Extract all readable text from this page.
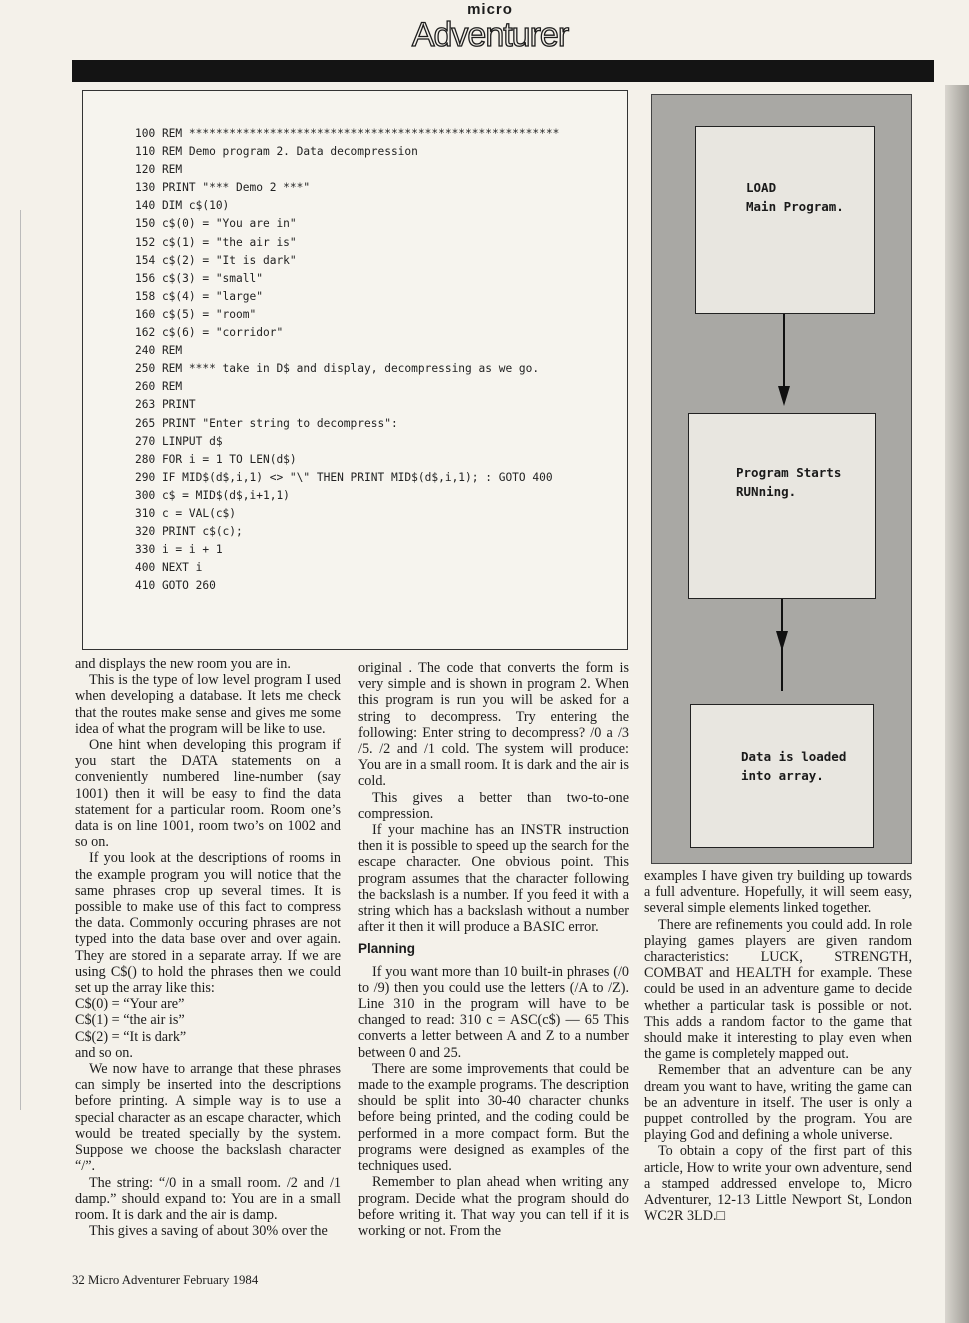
micro
Adventurer
100 REM *******************************************************
110 REM Demo program 2. Data decompression
120 REM
130 PRINT "*** Demo 2 ***"
140 DIM c$(10)
150 c$(0) = "You are in"
152 c$(1) = "the air is"
154 c$(2) = "It is dark"
156 c$(3) = "small"
158 c$(4) = "large"
160 c$(5) = "room"
162 c$(6) = "corridor"
240 REM
250 REM **** take in D$ and display, decompressing as we go.
260 REM
263 PRINT
265 PRINT "Enter string to decompress":
270 LINPUT d$
280 FOR i = 1 TO LEN(d$)
290 IF MID$(d$,i,1) <> "\" THEN PRINT MID$(d$,i,1); : GOTO 400
300 c$ = MID$(d$,i+1,1)
310 c = VAL(c$)
320 PRINT c$(c);
330 i = i + 1
400 NEXT i
410 GOTO 260
LOAD
Main Program.
Program Starts
RUNning.
Data is loaded
into array.

and displays the new room you are in.

This is the type of low level program I used when developing a database. It lets me check that the routes make sense and gives me some idea of what the program will be like to use.

One hint when developing this program if you start the DATA statements on a conveniently numbered line-number (say 1001) then it will be easy to find the data statement for a particular room. Room one’s data is on line 1001, room two’s on 1002 and so on.

If you look at the descriptions of rooms in the example program you will notice that the same phrases crop up several times. It is possible to make use of this fact to compress the data. Commonly occuring phrases are not typed into the data base over and over again. They are stored in a separate array. If we are using C$() to hold the phrases then we could set up the array like this:

C$(0) = “Your are”

C$(1) = “the air is”

C$(2) = “It is dark”

and so on.

We now have to arrange that these phrases can simply be inserted into the descriptions before printing. A simple way is to use a special character as an escape character, which would be treated specially by the system. Suppose we choose the backslash character “/”.

The string: “/0 in a small room. /2 and /1 damp.” should expand to: You are in a small room. It is dark and the air is damp.

This gives a saving of about 30% over the

original . The code that converts the form is very simple and is shown in program 2. When this program is run you will be asked for a string to decompress. Try entering the following: Enter string to decompress? /0 a /3 /5. /2 and /1 cold. The system will produce: You are in a small room. It is dark and the air is cold.

This gives a better than two-to-one compression.

If your machine has an INSTR instruction then it is possible to speed up the search for the escape character. One obvious point. This program assumes that the character following the backslash is a number. If you feed it with a string which has a backslash without a number after it then it will produce a BASIC error.

Planning

If you want more than 10 built-in phrases (/0 to /9) then you could use the letters (/A to /Z). Line 310 in the program will have to be changed to read: 310 c = ASC(c$) — 65 This converts a letter between A and Z to a number between 0 and 25.

There are some improvements that could be made to the example programs. The description should be split into 30-40 character chunks before being printed, and the coding could be performed in a more compact form. But the programs were designed as examples of the techniques used.

Remember to plan ahead when writing any program. Decide what the program should do before writing it. That way you can tell if it is working or not. From the

examples I have given try building up towards a full adventure. Hopefully, it will seem easy, several simple elements linked together.

There are refinements you could add. In role playing games players are given random characteristics: LUCK, STRENGTH, COMBAT and HEALTH for example. These could be used in an adventure game to decide whether a particular task is possible or not. This adds a random factor to the game that should make it interesting to play even when the game is completely mapped out.

Remember that an adventure can be any dream you want to have, writing the game can be an adventure in itself. The user is only a puppet controlled by the program. You are playing God and defining a whole universe.

To obtain a copy of the first part of this article, How to write your own adventure, send a stamped addressed envelope to, Micro Adventurer, 12-13 Little Newport St, London WC2R 3LD.□

32 Micro Adventurer February 1984
